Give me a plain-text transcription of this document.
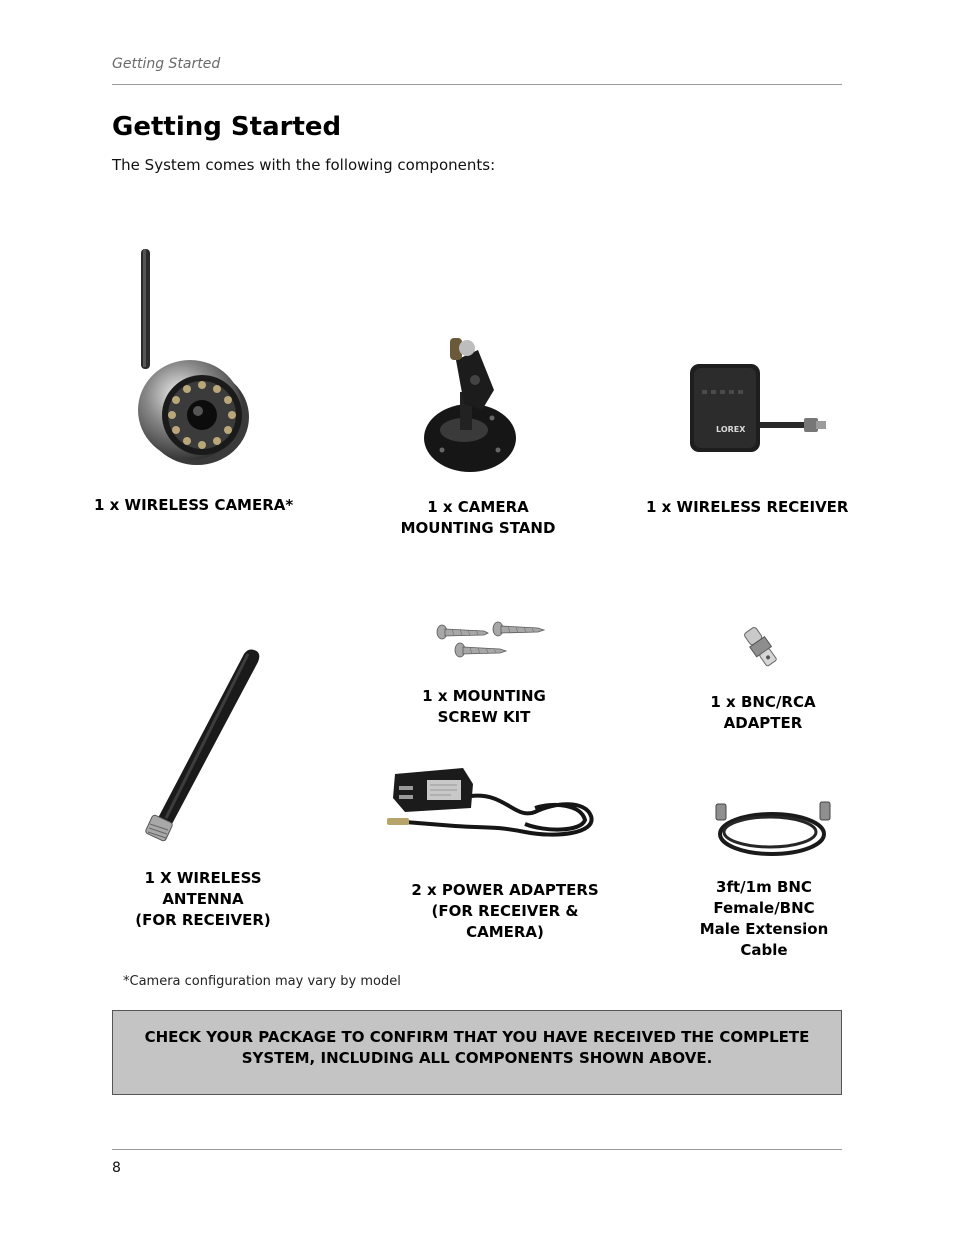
Getting Started
Getting Started
The System comes with the following components:
LOREX
1 x WIRELESS CAMERA*	1 x CAMERA
MOUNTING STAND
1 x WIRELESS RECEIVER
1 x MOUNTING
SCREW KIT
1 x BNC/RCA
ADAPTER
1 X WIRELESS
ANTENNA
(FOR RECEIVER)
2 x POWER ADAPTERS
(FOR RECEIVER &
CAMERA)
3ft/1m BNC
Female/BNC
Male Extension
Cable
*Camera configuration may vary by model
CHECK YOUR PACKAGE TO CONFIRM THAT YOU HAVE RECEIVED THE COMPLETE
SYSTEM, INCLUDING ALL COMPONENTS SHOWN ABOVE.
8
